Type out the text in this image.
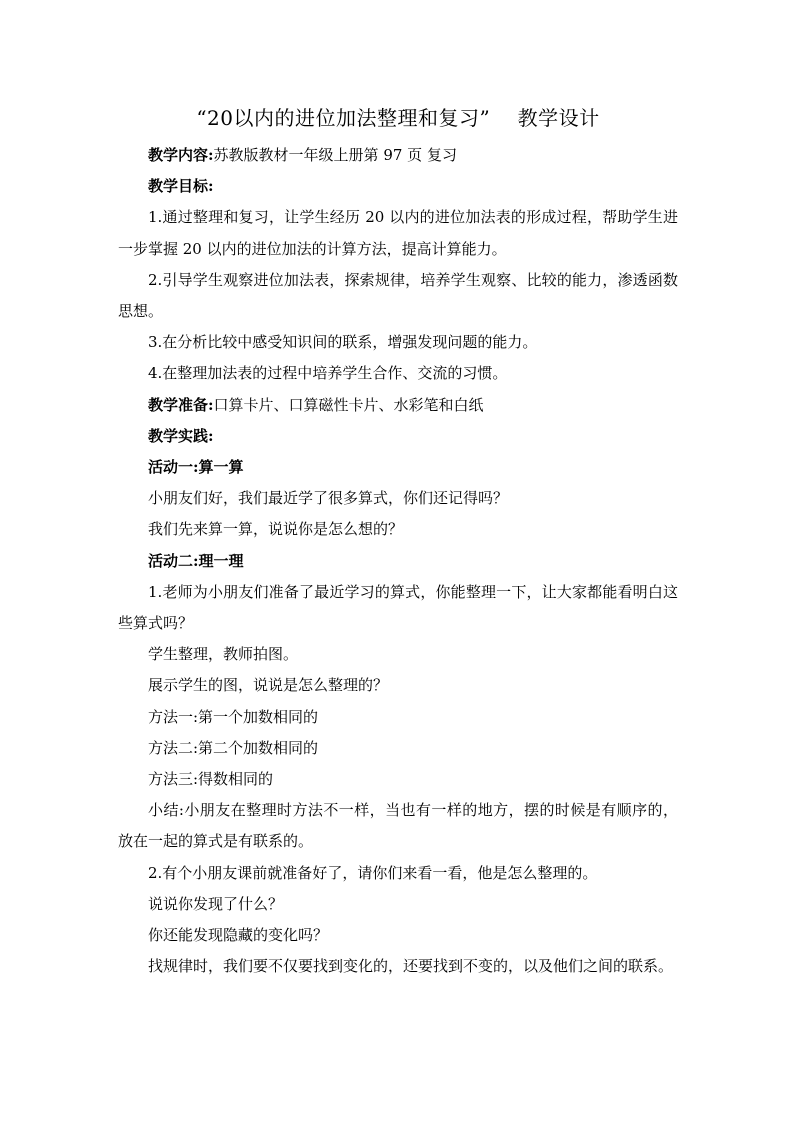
“20以内的进位加法整理和复习”    教学设计

教学内容:苏教版教材一年级上册第 97 页 复习

教学目标:

1.通过整理和复习，让学生经历 20 以内的进位加法表的形成过程，帮助学生进一步掌握 20 以内的进位加法的计算方法，提高计算能力。

2.引导学生观察进位加法表，探索规律，培养学生观察、比较的能力，渗透函数思想。

3.在分析比较中感受知识间的联系，增强发现问题的能力。

4.在整理加法表的过程中培养学生合作、交流的习惯。

教学准备:口算卡片、口算磁性卡片、水彩笔和白纸

教学实践:

活动一:算一算

小朋友们好，我们最近学了很多算式，你们还记得吗？

我们先来算一算，说说你是怎么想的？

活动二:理一理

1.老师为小朋友们准备了最近学习的算式，你能整理一下，让大家都能看明白这些算式吗？

学生整理，教师拍图。

展示学生的图，说说是怎么整理的？

方法一:第一个加数相同的

方法二:第二个加数相同的

方法三:得数相同的

小结:小朋友在整理时方法不一样，当也有一样的地方，摆的时候是有顺序的，放在一起的算式是有联系的。

2.有个小朋友课前就准备好了，请你们来看一看，他是怎么整理的。

说说你发现了什么？

你还能发现隐藏的变化吗？

找规律时，我们要不仅要找到变化的，还要找到不变的，以及他们之间的联系。
